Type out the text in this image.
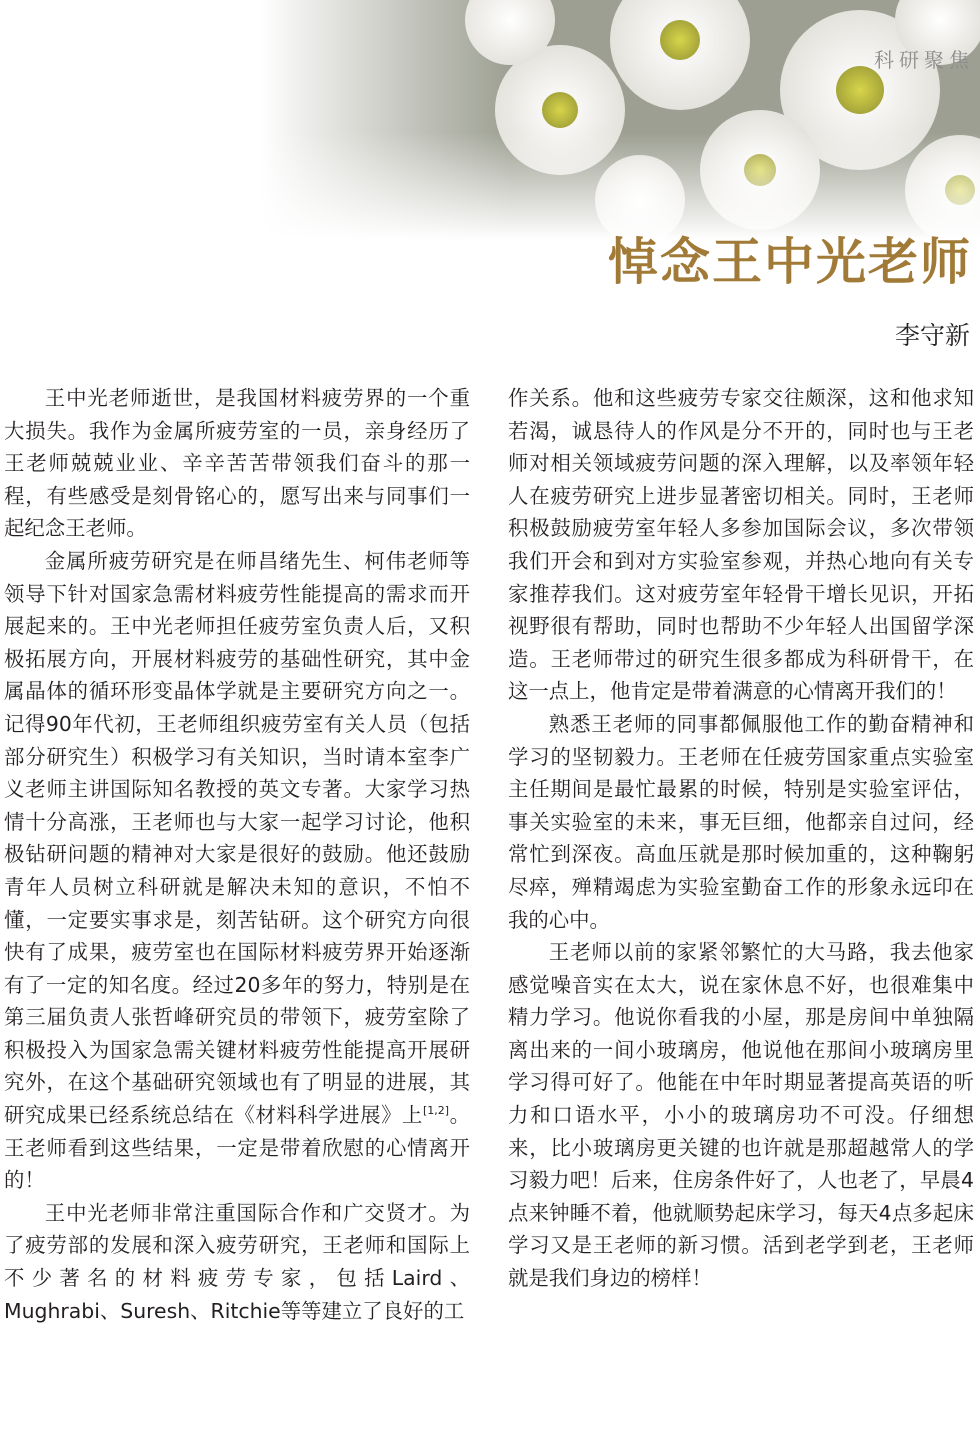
科研聚焦
悼念王中光老师
李守新

王中光老师逝世，是我国材料疲劳界的一个重大损失。我作为金属所疲劳室的一员，亲身经历了王老师兢兢业业、辛辛苦苦带领我们奋斗的那一程，有些感受是刻骨铭心的，愿写出来与同事们一起纪念王老师。

金属所疲劳研究是在师昌绪先生、柯伟老师等领导下针对国家急需材料疲劳性能提高的需求而开展起来的。王中光老师担任疲劳室负责人后，又积极拓展方向，开展材料疲劳的基础性研究，其中金属晶体的循环形变晶体学就是主要研究方向之一。记得90年代初，王老师组织疲劳室有关人员（包括部分研究生）积极学习有关知识，当时请本室李广义老师主讲国际知名教授的英文专著。大家学习热情十分高涨，王老师也与大家一起学习讨论，他积极钻研问题的精神对大家是很好的鼓励。他还鼓励青年人员树立科研就是解决未知的意识，不怕不懂，一定要实事求是，刻苦钻研。这个研究方向很快有了成果，疲劳室也在国际材料疲劳界开始逐渐有了一定的知名度。经过20多年的努力，特别是在第三届负责人张哲峰研究员的带领下，疲劳室除了积极投入为国家急需关键材料疲劳性能提高开展研究外，在这个基础研究领域也有了明显的进展，其研究成果已经系统总结在《材料科学进展》上[1,2]。王老师看到这些结果，一定是带着欣慰的心情离开的！

王中光老师非常注重国际合作和广交贤才。为了疲劳部的发展和深入疲劳研究，王老师和国际上不少著名的材料疲劳专家，包括Laird、Mughrabi、Suresh、Ritchie等等建立了良好的工

作关系。他和这些疲劳专家交往颇深，这和他求知若渴，诚恳待人的作风是分不开的，同时也与王老师对相关领域疲劳问题的深入理解，以及率领年轻人在疲劳研究上进步显著密切相关。同时，王老师积极鼓励疲劳室年轻人多参加国际会议，多次带领我们开会和到对方实验室参观，并热心地向有关专家推荐我们。这对疲劳室年轻骨干增长见识，开拓视野很有帮助，同时也帮助不少年轻人出国留学深造。王老师带过的研究生很多都成为科研骨干，在这一点上，他肯定是带着满意的心情离开我们的！

熟悉王老师的同事都佩服他工作的勤奋精神和学习的坚韧毅力。王老师在任疲劳国家重点实验室主任期间是最忙最累的时候，特别是实验室评估，事关实验室的未来，事无巨细，他都亲自过问，经常忙到深夜。高血压就是那时候加重的，这种鞠躬尽瘁，殚精竭虑为实验室勤奋工作的形象永远印在我的心中。

王老师以前的家紧邻繁忙的大马路，我去他家感觉噪音实在太大，说在家休息不好，也很难集中精力学习。他说你看我的小屋，那是房间中单独隔离出来的一间小玻璃房，他说他在那间小玻璃房里学习得可好了。他能在中年时期显著提高英语的听力和口语水平，小小的玻璃房功不可没。仔细想来，比小玻璃房更关键的也许就是那超越常人的学习毅力吧！后来，住房条件好了，人也老了，早晨4点来钟睡不着，他就顺势起床学习，每天4点多起床学习又是王老师的新习惯。活到老学到老，王老师就是我们身边的榜样！
